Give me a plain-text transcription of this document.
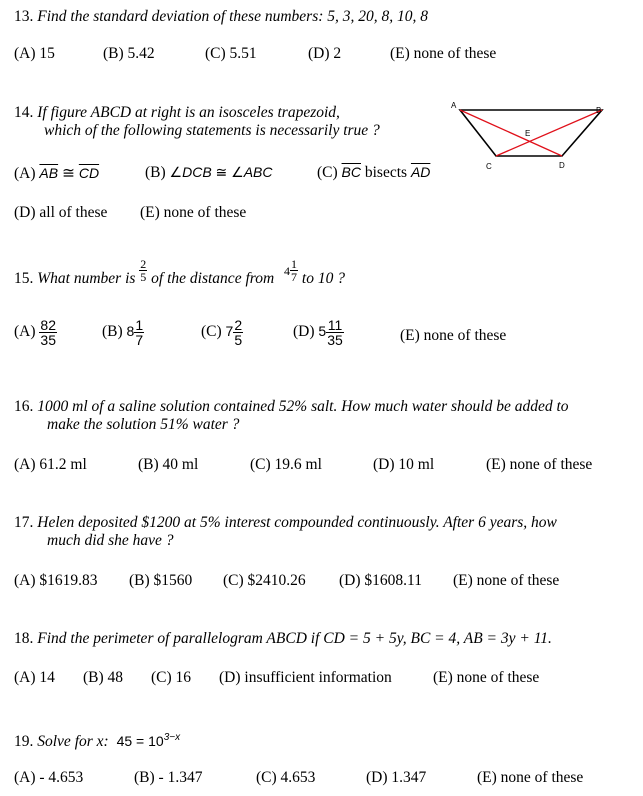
13. Find the standard deviation of these numbers: 5, 3, 20, 8, 10, 8
(A) 15	(B) 5.42	(C) 5.51	(D) 2	(E) none of these
14. If figure ABCD at right is an isosceles trapezoid,
which of the following statements is necessarily true ?
A
B
C	D
E
(A) $\overline{AB}$ ≅ $\overline{CD}$	(B) ∠DCB ≅ ∠ABC	(C) $\overline{BC}$ bisects $\overline{AD}$
(D) all of these (E) none of these
15. What number is $\frac{2}{5}$ of the distance from $^4 \frac{1}{7}$ to 10 ?
$(A) \frac{82}{35}$	(B) $8 \frac{1}{7}$	(C) $7 \frac{2}{5}$	(D) $5 \frac{11}{35}$	(E) none of these
16. 1000 ml of a saline solution contained 52% salt. How much water should be added to
make the solution 51% water ?
(A) 61.2 ml	(B) 40 ml	(C) 19.6 ml	(D) 10 ml	(E) none of these
17. Helen deposited $1200 at 5% interest compounded continuously. After 6 years, how
much did she have ?
(A) $1619.83 (B) $1560 (C) $2410.26 (D) $1608.11 (E) none of these
18. Find the perimeter of parallelogram ABCD if CD = 5 + 5y, BC = 4, AB = 3y + 11.
(A) 14 (B) 48 (C) 16 (D) insufficient information	(E) none of these
19. Solve for x: $45 = 10^{3-x}$
(A) - 4.653	(B) - 1.347	(C) 4.653	(D) 1.347	(E) none of these
